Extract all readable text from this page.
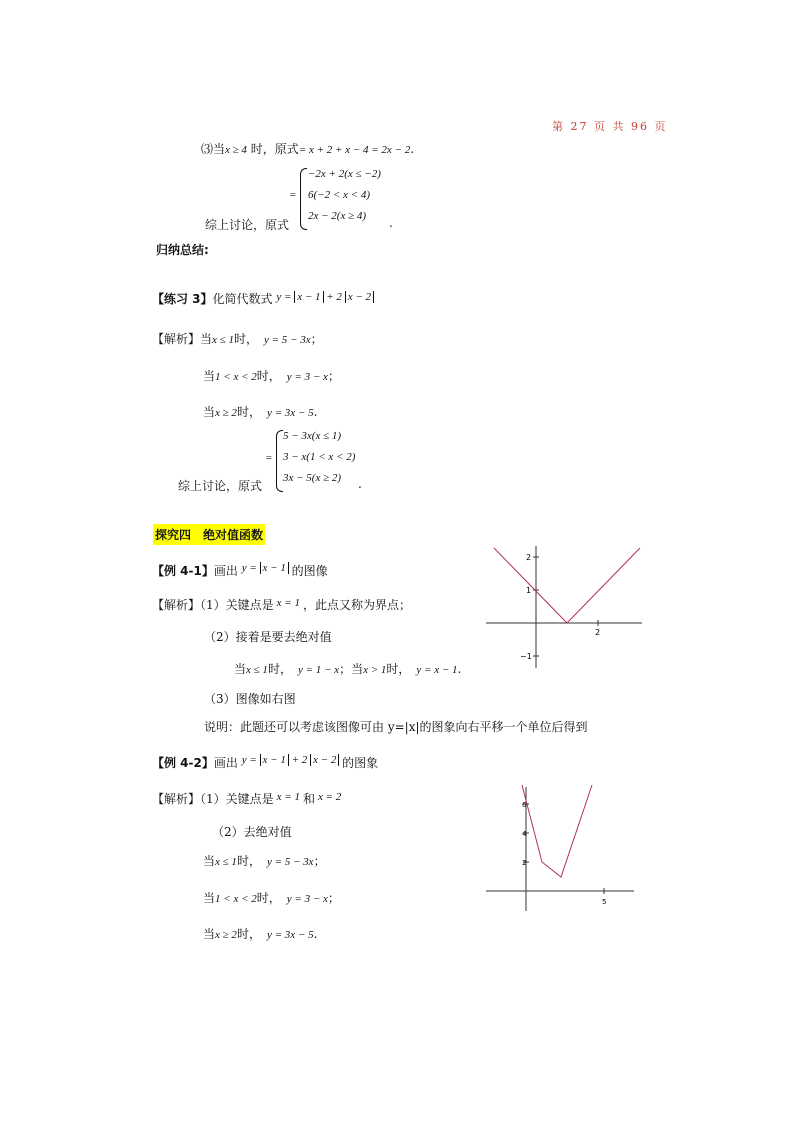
第 27 页 共 96 页
⑶当x ≥ 4 时，原式= x + 2 + x − 4 = 2x − 2.
综上讨论，原式
=
−2x + 2(x ≤ −2)
6(−2 < x < 4)
2x − 2(x ≥ 4) .
归纳总结:
【练习 3】化简代数式 y = x − 1 + 2 x − 2
【解析】当x ≤ 1时， y = 5 − 3x；
当1 < x < 2时， y = 3 − x；
当x ≥ 2时， y = 3x − 5.
综上讨论，原式
=
5 − 3x(x ≤ 1)
3 − x(1 < x < 2)
3x − 5(x ≥ 2) .
探究四　绝对值函数
【例 4-1】画出 y = x − 1 的图像
【解析】（1）关键点是 x = 1 ，此点又称为界点；
（2）接着是要去绝对值
当x ≤ 1时， y = 1 − x；当x > 1时， y = x − 1.
（3）图像如右图
说明：此题还可以考虑该图像可由 y=|x|的图象向右平移一个单位后得到
2
1
−1
2
【例 4-2】画出 y = x − 1 + 2 x − 2 的图象
【解析】（1）关键点是 x = 1 和 x = 2
（2）去绝对值
当x ≤ 1时， y = 5 − 3x；
当1 < x < 2时， y = 3 − x；
当x ≥ 2时， y = 3x − 5.
6
4
2
5
